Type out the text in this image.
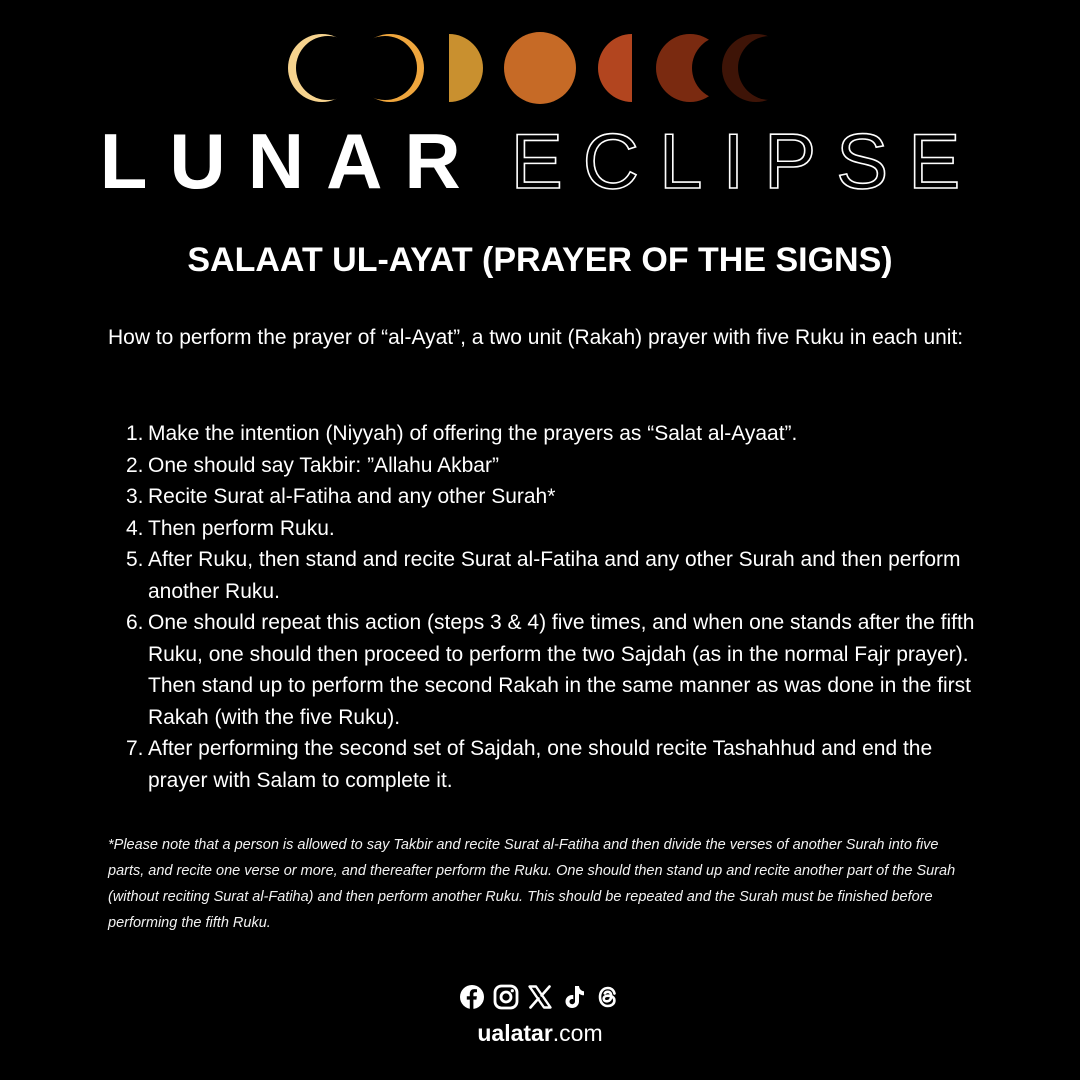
LUNAR ECLIPSE
SALAAT UL-AYAT (PRAYER OF THE SIGNS)
How to perform the prayer of “al-Ayat”, a two unit (Rakah) prayer with five Ruku in each unit:
1. Make the intention (Niyyah) of offering the prayers as “Salat al-Ayaat”.
2. One should say Takbir: ”Allahu Akbar”
3. Recite Surat al-Fatiha and any other Surah*
4. Then perform Ruku.
5. After Ruku, then stand and recite Surat al-Fatiha and any other Surah and then perform another Ruku.
6. One should repeat this action (steps 3 & 4) five times, and when one stands after the fifth Ruku, one should then proceed to perform the two Sajdah (as in the normal Fajr prayer). Then stand up to perform the second Rakah in the same manner as was done in the first Rakah (with the five Ruku).
7. After performing the second set of Sajdah, one should recite Tashahhud and end the prayer with Salam to complete it.
*Please note that a person is allowed to say Takbir and recite Surat al-Fatiha and then divide the verses of another Surah into five parts, and recite one verse or more, and thereafter perform the Ruku. One should then stand up and recite another part of the Surah (without reciting Surat al-Fatiha) and then perform another Ruku. This should be repeated and the Surah must be finished before performing the fifth Ruku.
ualatar.com
